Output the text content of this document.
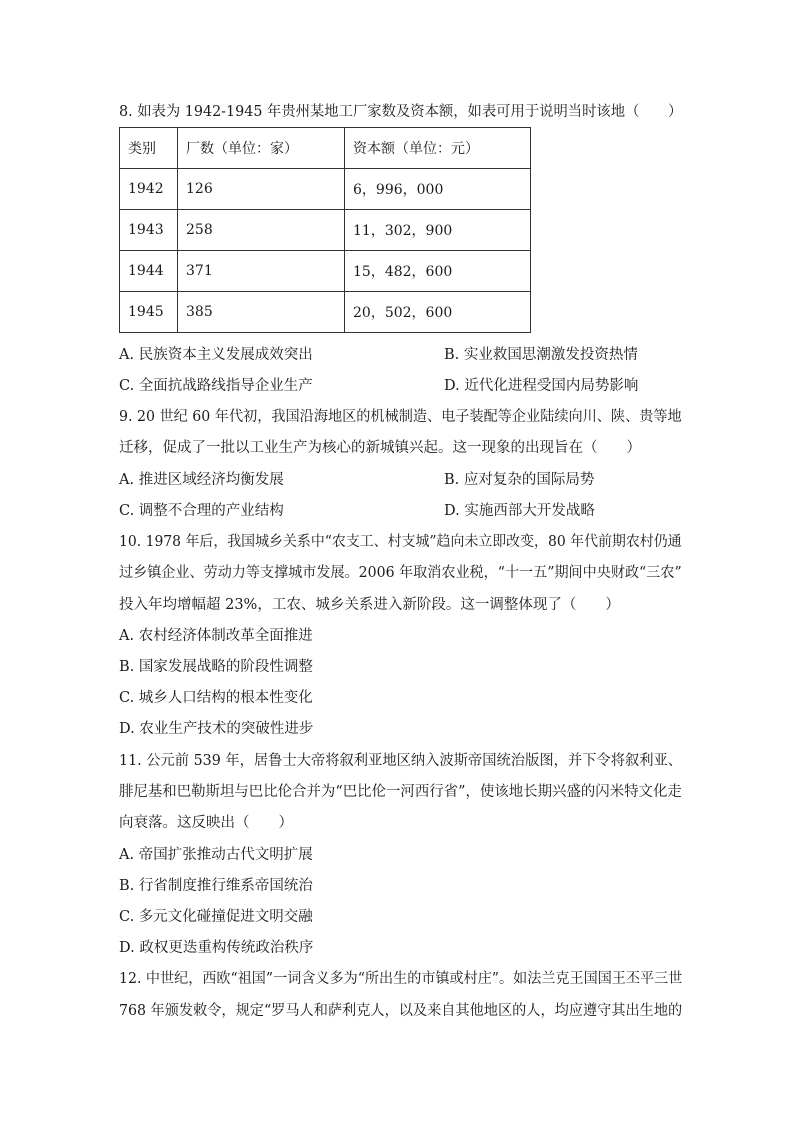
8. 如表为 1942-1945 年贵州某地工厂家数及资本额，如表可用于说明当时该地（　　）
类别	厂数（单位：家）	资本额（单位：元）
1942	126	6，996，000
1943	258	11，302，900
1944	371	15，482，600
1945	385	20，502，600
A. 民族资本主义发展成效突出	B. 实业救国思潮激发投资热情
C. 全面抗战路线指导企业生产	D. 近代化进程受国内局势影响
9. 20 世纪 60 年代初，我国沿海地区的机械制造、电子装配等企业陆续向川、陕、贵等地
迁移，促成了一批以工业生产为核心的新城镇兴起。这一现象的出现旨在（　　）
A. 推进区域经济均衡发展	B. 应对复杂的国际局势
C. 调整不合理的产业结构	D. 实施西部大开发战略
10. 1978 年后，我国城乡关系中“农支工、村支城”趋向未立即改变，80 年代前期农村仍通
过乡镇企业、劳动力等支撑城市发展。2006 年取消农业税，“十一五”期间中央财政“三农”
投入年均增幅超 23%，工农、城乡关系进入新阶段。这一调整体现了（　　）
A. 农村经济体制改革全面推进
B. 国家发展战略的阶段性调整
C. 城乡人口结构的根本性变化
D. 农业生产技术的突破性进步
11. 公元前 539 年，居鲁士大帝将叙利亚地区纳入波斯帝国统治版图，并下令将叙利亚、
腓尼基和巴勒斯坦与巴比伦合并为“巴比伦一河西行省”，使该地长期兴盛的闪米特文化走
向衰落。这反映出（　　）
A. 帝国扩张推动古代文明扩展
B. 行省制度推行维系帝国统治
C. 多元文化碰撞促进文明交融
D. 政权更迭重构传统政治秩序
12. 中世纪，西欧“祖国”一词含义多为“所出生的市镇或村庄”。如法兰克王国国王丕平三世
768 年颁发敕令，规定“罗马人和萨利克人，以及来自其他地区的人，均应遵守其出生地的
